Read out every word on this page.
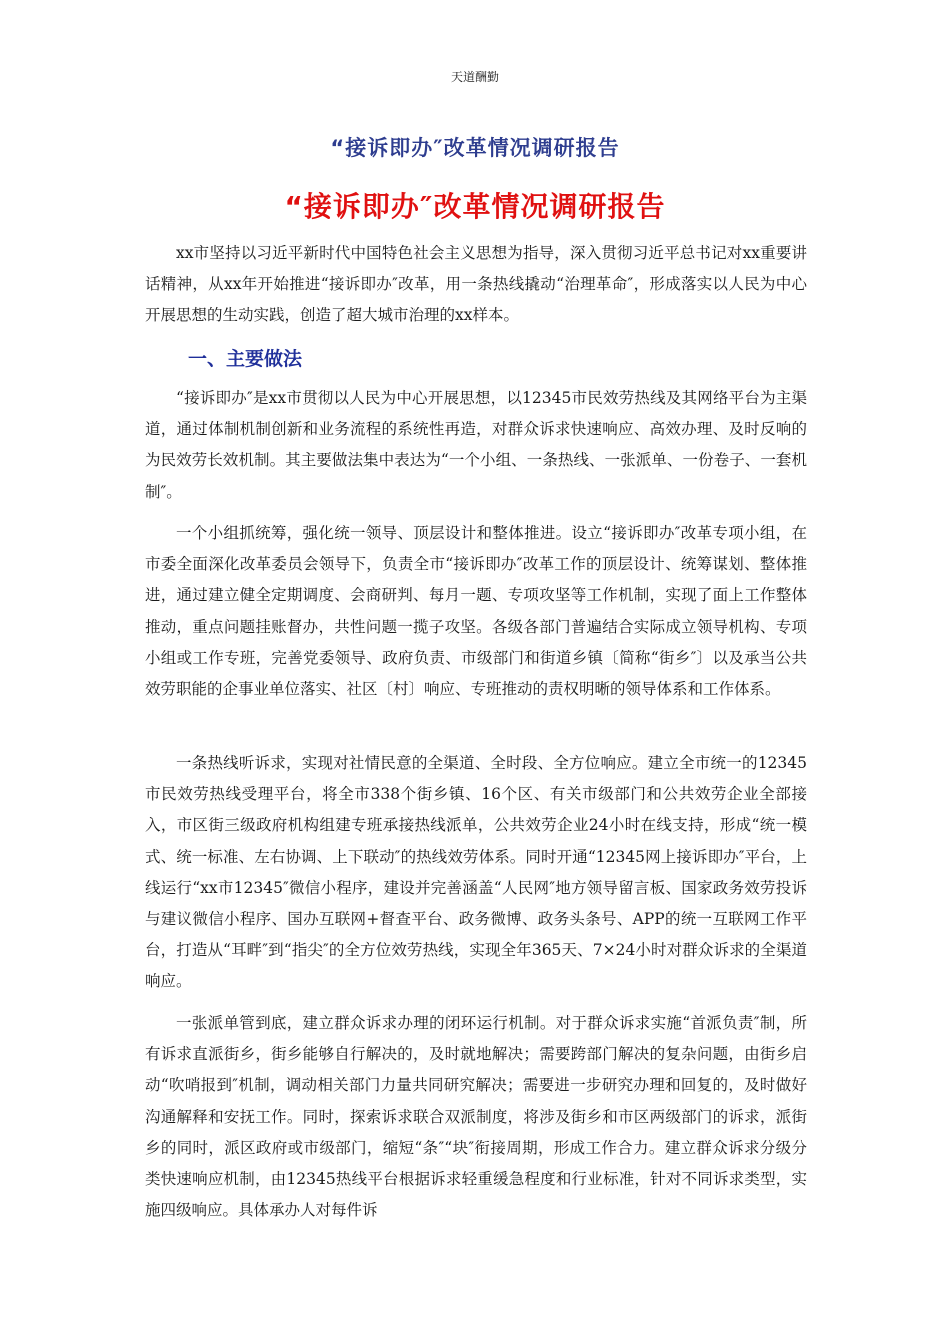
天道酬勤
“接诉即办″改革情况调研报告
“接诉即办″改革情况调研报告

xx市坚持以习近平新时代中国特色社会主义思想为指导，深入贯彻习近平总书记对xx重要讲话精神，从xx年开始推进“接诉即办″改革，用一条热线撬动“治理革命″，形成落实以人民为中心开展思想的生动实践，创造了超大城市治理的xx样本。

一、主要做法

“接诉即办″是xx市贯彻以人民为中心开展思想，以12345市民效劳热线及其网络平台为主渠道，通过体制机制创新和业务流程的系统性再造，对群众诉求快速响应、高效办理、及时反响的为民效劳长效机制。其主要做法集中表达为“一个小组、一条热线、一张派单、一份卷子、一套机制″。

一个小组抓统筹，强化统一领导、顶层设计和整体推进。设立“接诉即办″改革专项小组，在市委全面深化改革委员会领导下，负责全市“接诉即办″改革工作的顶层设计、统筹谋划、整体推进，通过建立健全定期调度、会商研判、每月一题、专项攻坚等工作机制，实现了面上工作整体推动，重点问题挂账督办，共性问题一揽子攻坚。各级各部门普遍结合实际成立领导机构、专项小组或工作专班，完善党委领导、政府负责、市级部门和街道乡镇〔简称“街乡″〕以及承当公共效劳职能的企事业单位落实、社区〔村〕响应、专班推动的责权明晰的领导体系和工作体系。

一条热线听诉求，实现对社情民意的全渠道、全时段、全方位响应。建立全市统一的12345市民效劳热线受理平台，将全市338个街乡镇、16个区、有关市级部门和公共效劳企业全部接入，市区街三级政府机构组建专班承接热线派单，公共效劳企业24小时在线支持，形成“统一模式、统一标准、左右协调、上下联动″的热线效劳体系。同时开通“12345网上接诉即办″平台，上线运行“xx市12345″微信小程序，建设并完善涵盖“人民网″地方领导留言板、国家政务效劳投诉与建议微信小程序、国办互联网+督查平台、政务微博、政务头条号、APP的统一互联网工作平台，打造从“耳畔″到“指尖″的全方位效劳热线，实现全年365天、7×24小时对群众诉求的全渠道响应。

一张派单管到底，建立群众诉求办理的闭环运行机制。对于群众诉求实施“首派负责″制，所有诉求直派街乡，街乡能够自行解决的，及时就地解决；需要跨部门解决的复杂问题，由街乡启动“吹哨报到″机制，调动相关部门力量共同研究解决；需要进一步研究办理和回复的，及时做好沟通解释和安抚工作。同时，探索诉求联合双派制度，将涉及街乡和市区两级部门的诉求，派街乡的同时，派区政府或市级部门，缩短“条″“块″衔接周期，形成工作合力。建立群众诉求分级分类快速响应机制，由12345热线平台根据诉求轻重缓急程度和行业标准，针对不同诉求类型，实施四级响应。具体承办人对每件诉
